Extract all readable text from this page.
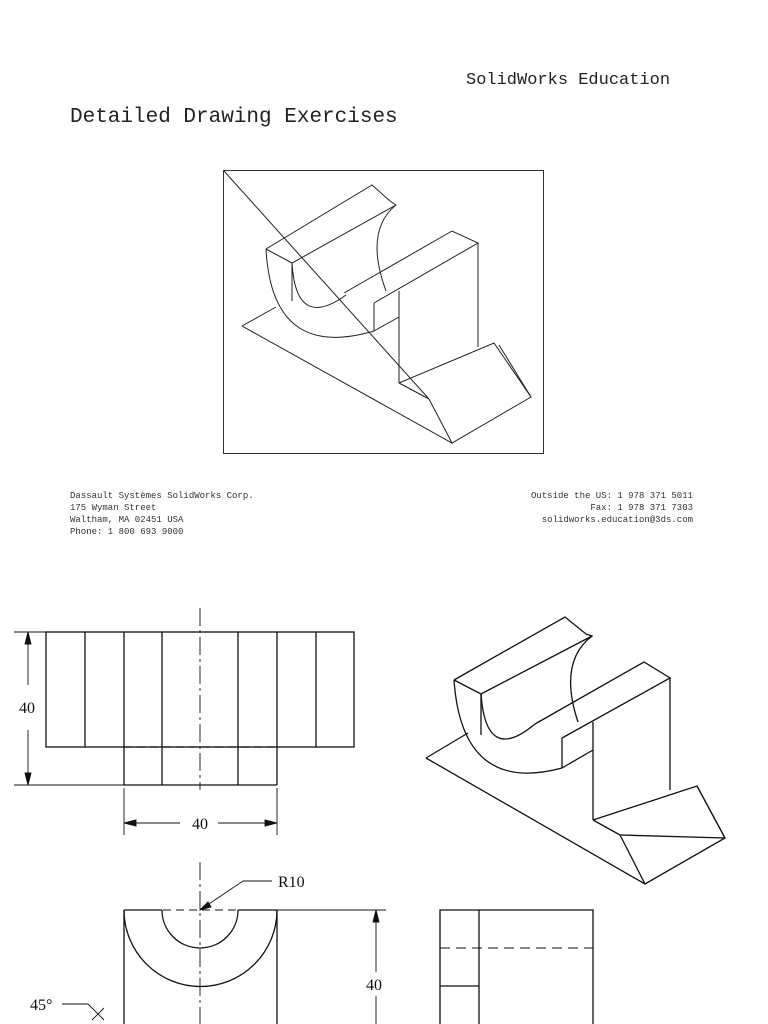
SolidWorks Education
Detailed Drawing Exercises
Dassault Systèmes SolidWorks Corp.
175 Wyman Street
Waltham, MA 02451 USA
Phone: 1 800 693 9000
Outside the US: 1 978 371 5011
Fax: 1 978 371 7303
solidworks.education@3ds.com
40
40
R10
40
45°
